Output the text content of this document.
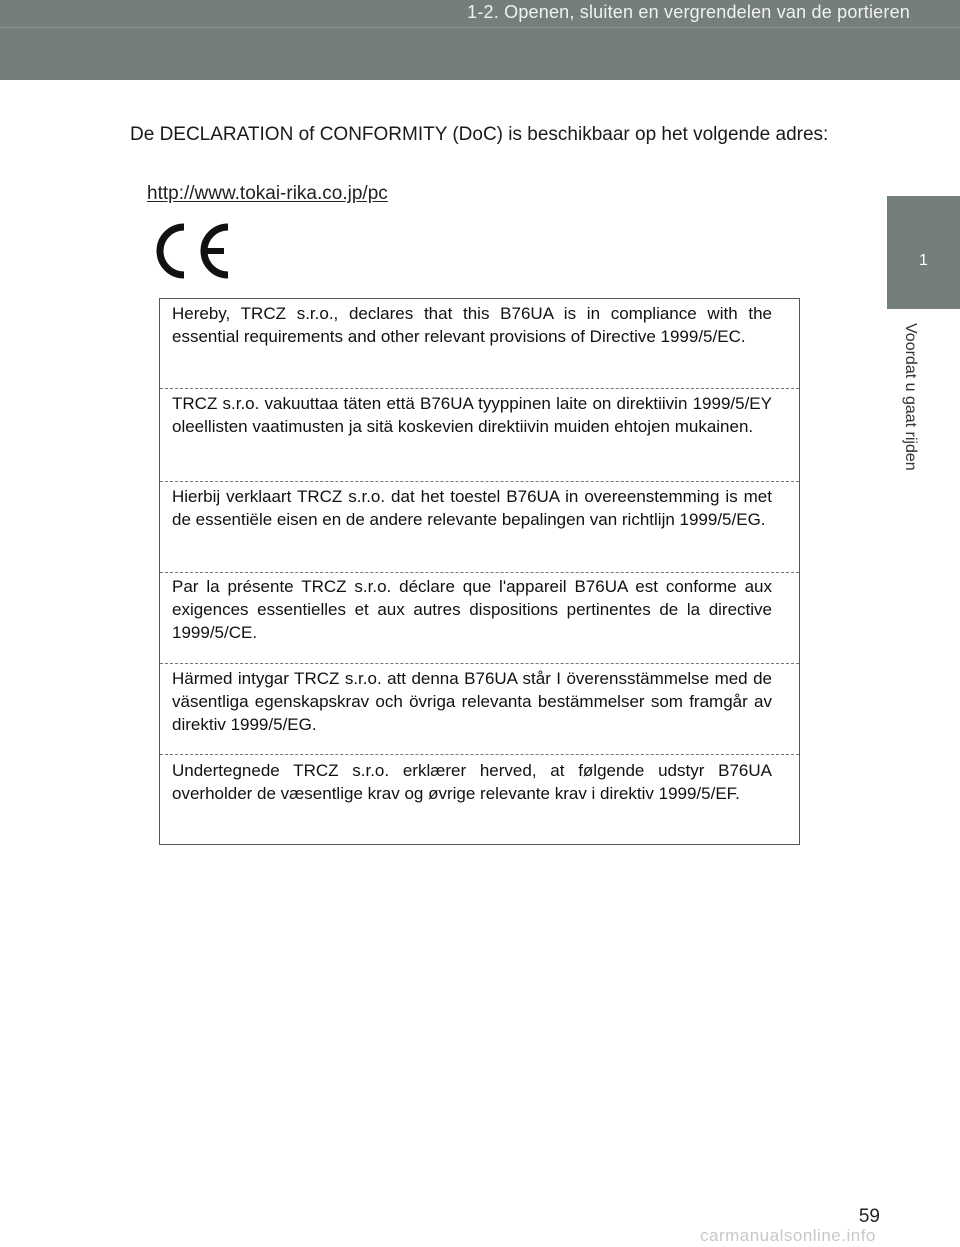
1-2. Openen, sluiten en vergrendelen van de portieren
1
Voordat u gaat rijden
De DECLARATION of CONFORMITY (DoC) is beschikbaar op het volgende adres:
http://www.tokai-rika.co.jp/pc
Hereby, TRCZ s.r.o., declares that this B76UA is in compliance with the essential requirements and other relevant provisions of Directive 1999/5/EC.
TRCZ s.r.o. vakuuttaa täten että B76UA tyyppinen laite on direktiivin 1999/5/EY oleellisten vaatimusten ja sitä koskevien direktiivin muiden ehtojen mukainen.
Hierbij verklaart TRCZ s.r.o. dat het toestel B76UA in overeenstemming is met de essentiële eisen en de andere relevante bepalingen van richtlijn 1999/5/EG.
Par la présente TRCZ s.r.o. déclare que l'appareil B76UA est conforme aux exigences essentielles et aux autres dispositions pertinentes de la directive 1999/5/CE.
Härmed intygar TRCZ s.r.o. att denna B76UA står I överensstämmelse med de väsentliga egenskapskrav och övriga relevanta bestämmelser som framgår av direktiv 1999/5/EG.
Undertegnede TRCZ s.r.o. erklærer herved, at følgende udstyr B76UA overholder de væsentlige krav og øvrige relevante krav i direktiv 1999/5/EF.
59
carmanualsonline.info
